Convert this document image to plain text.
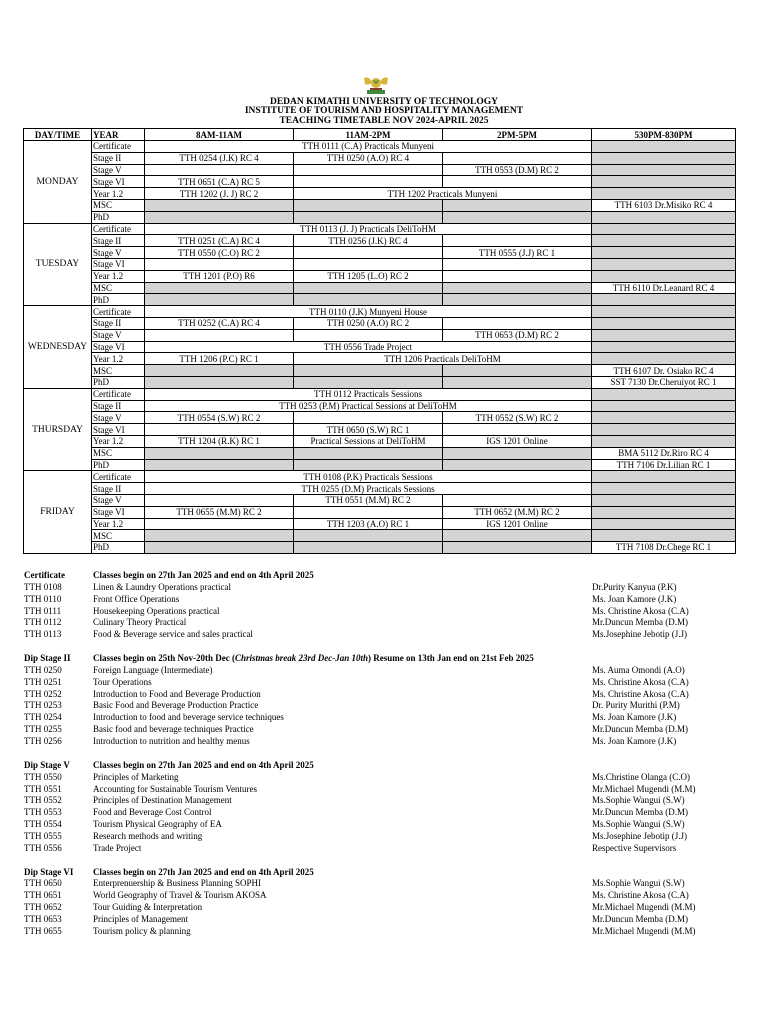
DEDAN KIMATHI UNIVERSITY OF TECHNOLOGY
INSTITUTE OF TOURISM AND HOSPITALITY MANAGEMENT
TEACHING TIMETABLE NOV 2024-APRIL 2025
DAY/TIME	YEAR	8AM-11AM	11AM-2PM	2PM-5PM	530PM-830PM
MONDAY	Certificate	TTH 0111 (C.A) Practicals Munyeni			
	Stage II	TTH 0254 (J.K) RC 4	TTH 0250 (A.O) RC 4		
	Stage V			TTH 0553 (D.M) RC 2	
	Stage VI	TTH 0651 (C.A) RC 5			
	Year 1.2	TTH 1202 (J. J) RC 2	TTH 1202 Practicals Munyeni		
	MSC				TTH 6103 Dr.Misiko RC 4
	PhD				
TUESDAY	Certificate	TTH 0113 (J. J) Practicals DeliToHM			
	Stage II	TTH 0251 (C.A) RC 4	TTH 0256 (J.K) RC 4		
	Stage V	TTH 0550 (C.O) RC 2		TTH 0555 (J.J) RC 1	
	Stage VI				
	Year 1.2	TTH 1201 (P.O) R6	TTH 1205 (L.O) RC 2		
	MSC				TTH 6110 Dr.Leanard RC 4
	PhD				
WEDNESDAY	Certificate	TTH 0110 (J.K) Munyeni House			
	Stage II	TTH 0252 (C.A) RC 4	TTH 0250 (A.O) RC 2		
	Stage V			TTH 0653 (D.M) RC 2	
	Stage VI	TTH 0556 Trade Project			
	Year 1.2	TTH 1206 (P.C) RC 1	TTH 1206 Practicals DeliToHM		
	MSC				TTH 6107 Dr. Osiako RC 4
	PhD				SST 7130 Dr.Cheruiyot RC 1
THURSDAY	Certificate	TTH 0112 Practicals Sessions			
	Stage II	TTH 0253 (P.M) Practical Sessions at DeliToHM			
	Stage V	TTH 0554 (S.W) RC 2		TTH 0552 (S.W) RC 2	
	Stage VI		TTH 0650 (S.W) RC 1		
	Year 1.2	TTH 1204 (R.K) RC 1	Practical Sessions at DeliToHM	IGS 1201 Online	
	MSC				BMA 5112 Dr.Riro RC 4
	PhD				TTH 7106 Dr.Lilian RC 1
FRIDAY	Certificate	TTH 0108 (P.K) Practicals Sessions			
	Stage II	TTH 0255 (D.M) Practicals Sessions			
	Stage V		TTH 0551 (M.M) RC 2		
	Stage VI	TTH 0655 (M.M) RC 2		TTH 0652 (M.M) RC 2	
	Year 1.2		TTH 1203 (A.O) RC 1	IGS 1201 Online	
	MSC				
	PhD				TTH 7108 Dr.Chege RC 1
Certificate	Classes begin on 27th Jan 2025 and end on 4th April 2025
TTH 0108	Linen & Laundry Operations practical	Dr.Purity Kanyua (P.K)
TTH 0110	Front Office Operations	Ms. Joan Kamore (J.K)
TTH 0111	Housekeeping Operations practical	Ms. Christine Akosa (C.A)
TTH 0112	Culinary Theory Practical	Mr.Duncun Memba (D.M)
TTH 0113	Food & Beverage service and sales practical	Ms.Josephine Jebotip (J.J)
Dip Stage II	Classes begin on 25th Nov-20th Dec (Christmas break 23rd Dec-Jan 10th) Resume on 13th Jan end on 21st Feb 2025
TTH 0250	Foreign Language (Intermediate)	Ms. Auma Omondi (A.O)
TTH 0251	Tour Operations	Ms. Christine Akosa (C.A)
TTH 0252	Introduction to Food and Beverage Production	Ms. Christine Akosa (C.A)
TTH 0253	Basic Food and Beverage Production Practice	Dr. Purity Murithi (P.M)
TTH 0254	Introduction to food and beverage service techniques	Ms. Joan Kamore (J.K)
TTH 0255	Basic food and beverage techniques Practice	Mr.Duncun Memba (D.M)
TTH 0256	Introduction to nutrition and healthy menus	Ms. Joan Kamore (J.K)
Dip Stage V	Classes begin on 27th Jan 2025 and end on 4th April 2025
TTH 0550	Principles of Marketing	Ms.Christine Olanga (C.O)
TTH 0551	Accounting for Sustainable Tourism Ventures	Mr.Michael Mugendi (M.M)
TTH 0552	Principles of Destination Management	Ms.Sophie Wangui (S.W)
TTH 0553	Food and Beverage Cost Control	Mr.Duncun Memba (D.M)
TTH 0554	Tourism Physical Geography of EA	Ms.Sophie Wangui (S.W)
TTH 0555	Research methods and writing	Ms.Josephine Jebotip (J.J)
TTH 0556	Trade Project	Respective Supervisors
Dip Stage VI	Classes begin on 27th Jan 2025 and end on 4th April 2025
TTH 0650	Enterprenuership & Business Planning SOPHI	Ms.Sophie Wangui (S.W)
TTH 0651	World Geography of Travel & Tourism AKOSA	Ms. Christine Akosa (C.A)
TTH 0652	Tour Guiding & Interpretation	Mr.Michael Mugendi (M.M)
TTH 0653	Principles of Management	Mr.Duncun Memba (D.M)
TTH 0655	Tourism policy & planning	Mr.Michael Mugendi (M.M)
